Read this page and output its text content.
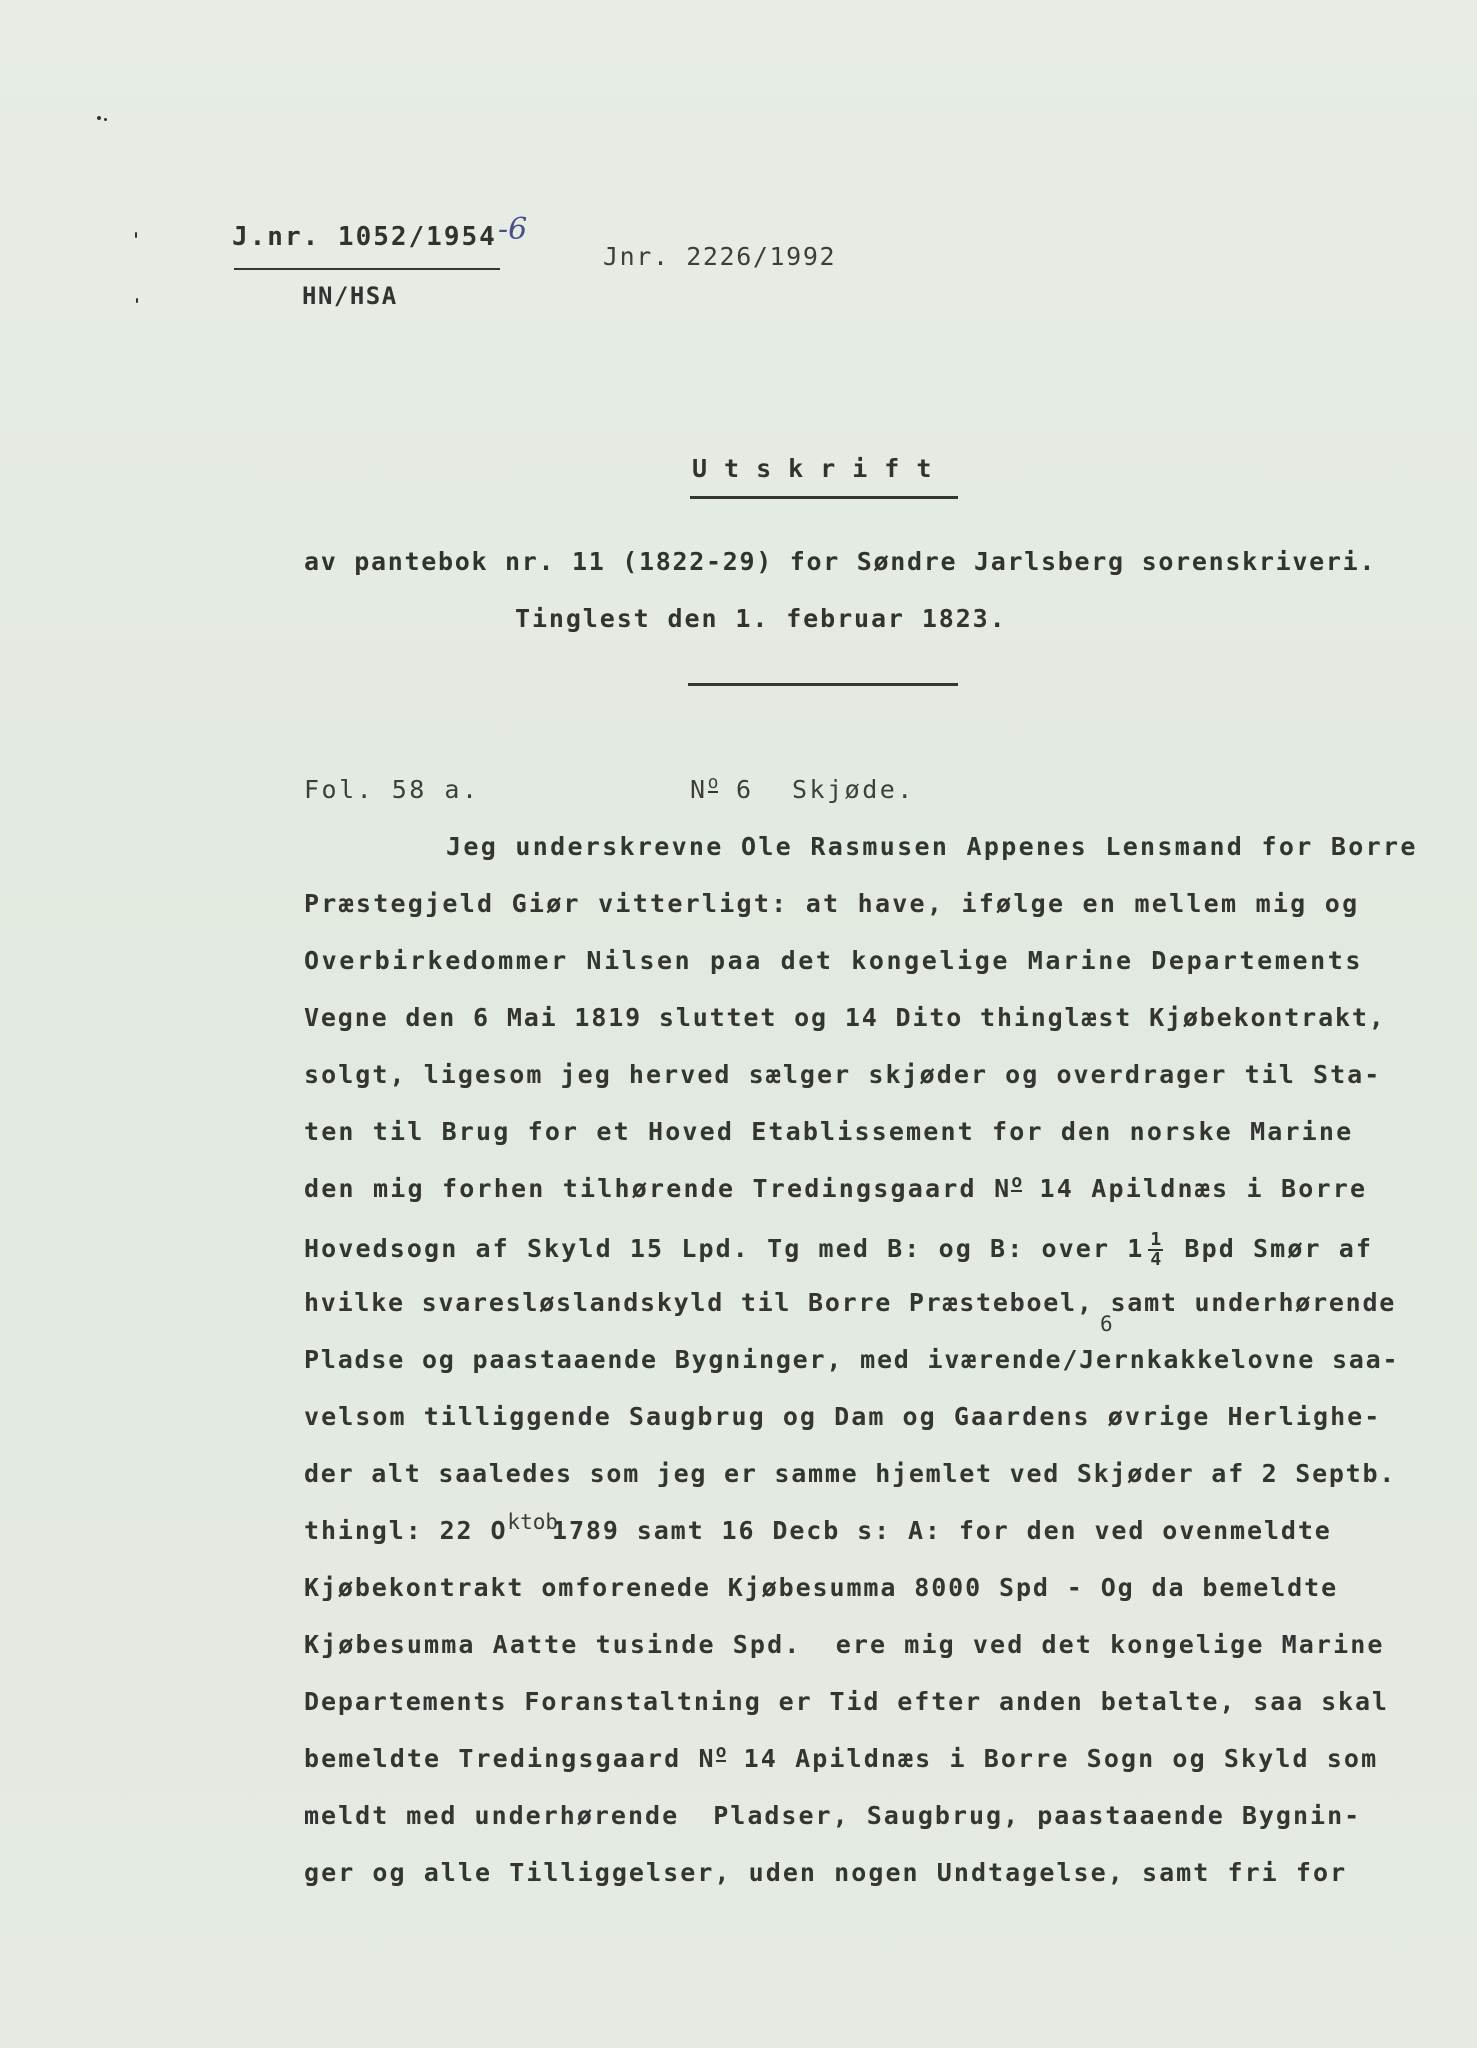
J.nr. 1052/1954 -6
Jnr. 2226/1992
HN/HSA
Utskrift
av pantebok nr. 11 (1822-29) for Søndre Jarlsberg sorenskriveri.
Tinglest den 1. februar 1823.
Fol. 58 a.	No 6 Skjøde.
Jeg underskrevne Ole Rasmusen Appenes Lensmand for Borre
Præstegjeld Giør vitterligt: at have, ifølge en mellem mig og
Overbirkedommer Nilsen paa det kongelige Marine Departements
Vegne den 6 Mai 1819 sluttet og 14 Dito thinglæst Kjøbekontrakt,
solgt, ligesom jeg herved sælger skjøder og overdrager til Sta-
ten til Brug for et Hoved Etablissement for den norske Marine
den mig forhen tilhørende Tredingsgaard No 14 Apildnæs i Borre
Hovedsogn af Skyld 15 Lpd. Tg med B: og B: over $1 \frac{1}{4}$ Bpd Smør af
hvilke svaresløslandskyld til Borre Præsteboel, samt underhørende
6
Pladse og paastaaende Bygninger, med iværende/Jernkakkelovne saa-
velsom tilliggende Saugbrug og Dam og Gaardens øvrige Herlighe-
der alt saaledes som jeg er samme hjemlet ved Skjøder af 2 Septb.
thingl: 22 $O^{ktob}1789$ samt 16 Decb s: A: for den ved ovenmeldte
Kjøbekontrakt omforenede Kjøbesumma 8000 Spd - Og da bemeldte
Kjøbesumma Aatte tusinde Spd.  ere mig ved det kongelige Marine
Departements Foranstaltning er Tid efter anden betalte, saa skal
bemeldte Tredingsgaard No 14 Apildnæs i Borre Sogn og Skyld som
meldt med underhørende  Pladser, Saugbrug, paastaaende Bygnin-
ger og alle Tilliggelser, uden nogen Undtagelse, samt fri for
